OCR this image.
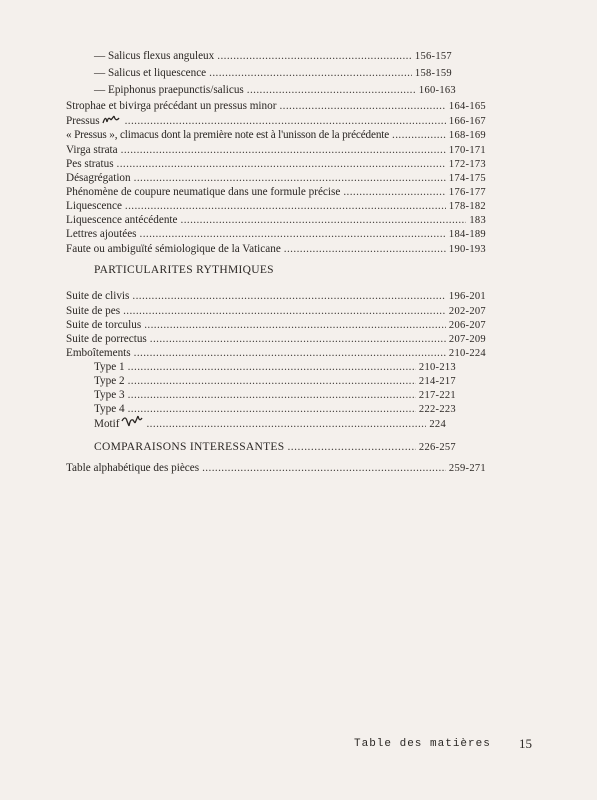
— Salicus flexus anguleux . . .	156-157
— Salicus et liquescence . . .	158-159
— Epiphonus praepunctis/salicus . . .	160-163
Strophae et bivirga précédant un pressus minor . . .	164-165
Pressus . . .	166-167
« Pressus », climacus dont la première note est à l'unisson de la précédente . . .	168-169
Virga strata . . .	170-171
Pes stratus . . .	172-173
Désagrégation . . .	174-175
Phénomène de coupure neumatique dans une formule précise . . .	176-177
Liquescence . . .	178-182
Liquescence antécédente . . .	183
Lettres ajoutées . . .	184-189
Faute ou ambiguïté sémiologique de la Vaticane . . .	190-193
PARTICULARITES RYTHMIQUES
Suite de clivis . . .	196-201
Suite de pes . . .	202-207
Suite de torculus . . .	206-207
Suite de porrectus . . .	207-209
Emboîtements . . .	210-224
Type 1 . . .	210-213
Type 2 . . .	214-217
Type 3 . . .	217-221
Type 4 . . .	222-223
Motif . . .	224
COMPARAISONS INTERESSANTES . . .	226-257
Table alphabétique des pièces . . .	259-271
Table des matières 15
